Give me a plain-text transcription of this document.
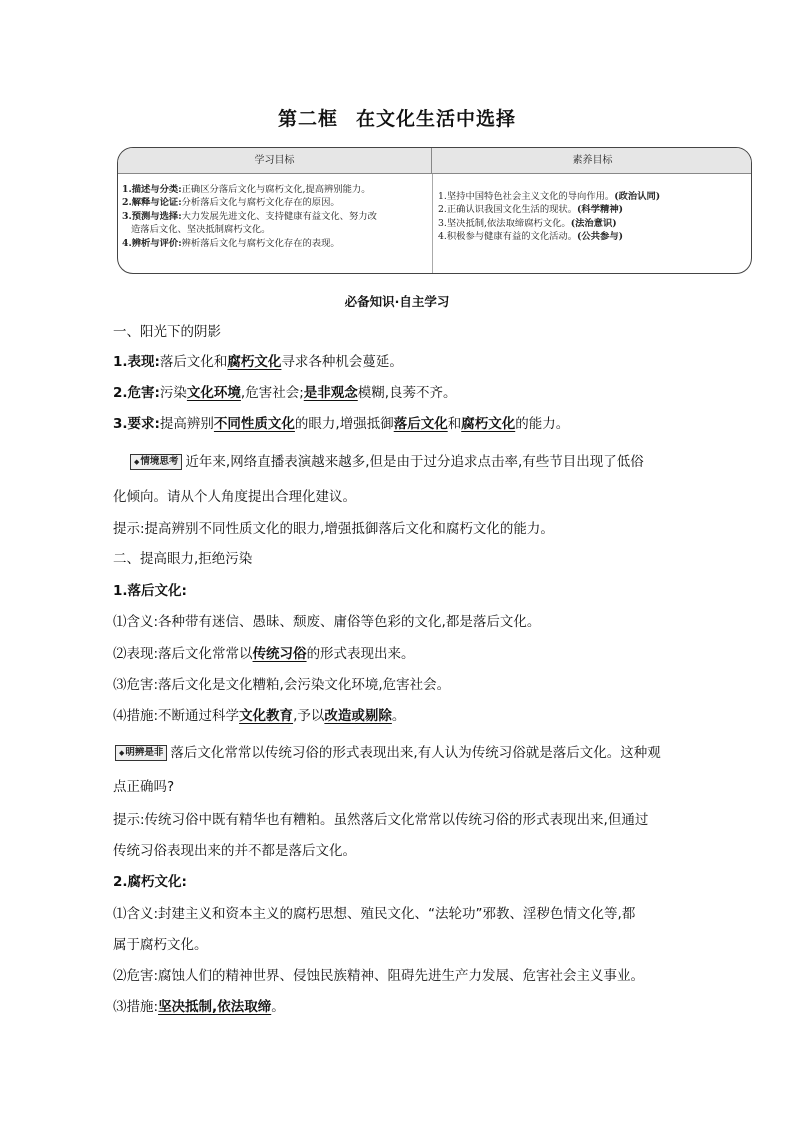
第二框 在文化生活中选择
学习目标	素养目标
1.描述与分类:正确区分落后文化与腐朽文化,提高辨别能力。
2.解释与论证:分析落后文化与腐朽文化存在的原因。
3.预测与选择:大力发展先进文化、支持健康有益文化、努力改
造落后文化、坚决抵制腐朽文化。
4.辨析与评价:辨析落后文化与腐朽文化存在的表现。
1.坚持中国特色社会主义文化的导向作用。(政治认同)
2.正确认识我国文化生活的现状。(科学精神)
3.坚决抵制,依法取缔腐朽文化。(法治意识)
4.积极参与健康有益的文化活动。(公共参与)
必备知识·自主学习
一、阳光下的阴影
1.表现:落后文化和腐朽文化寻求各种机会蔓延。
2.危害:污染文化环境,危害社会;是非观念模糊,良莠不齐。
3.要求:提高辨别不同性质文化的眼力,增强抵御落后文化和腐朽文化的能力。
◆情境思考 近年来,网络直播表演越来越多,但是由于过分追求点击率,有些节目出现了低俗
化倾向。请从个人角度提出合理化建议。
提示:提高辨别不同性质文化的眼力,增强抵御落后文化和腐朽文化的能力。
二、提高眼力,拒绝污染
1.落后文化:
⑴含义:各种带有迷信、愚昧、颓废、庸俗等色彩的文化,都是落后文化。
⑵表现:落后文化常常以传统习俗的形式表现出来。
⑶危害:落后文化是文化糟粕,会污染文化环境,危害社会。
⑷措施:不断通过科学文化教育,予以改造或剔除。
◆明辨是非 落后文化常常以传统习俗的形式表现出来,有人认为传统习俗就是落后文化。这种观
点正确吗?
提示:传统习俗中既有精华也有糟粕。虽然落后文化常常以传统习俗的形式表现出来,但通过
传统习俗表现出来的并不都是落后文化。
2.腐朽文化:
⑴含义:封建主义和资本主义的腐朽思想、殖民文化、“法轮功”邪教、淫秽色情文化等,都
属于腐朽文化。
⑵危害:腐蚀人们的精神世界、侵蚀民族精神、阻碍先进生产力发展、危害社会主义事业。
⑶措施:坚决抵制,依法取缔。
